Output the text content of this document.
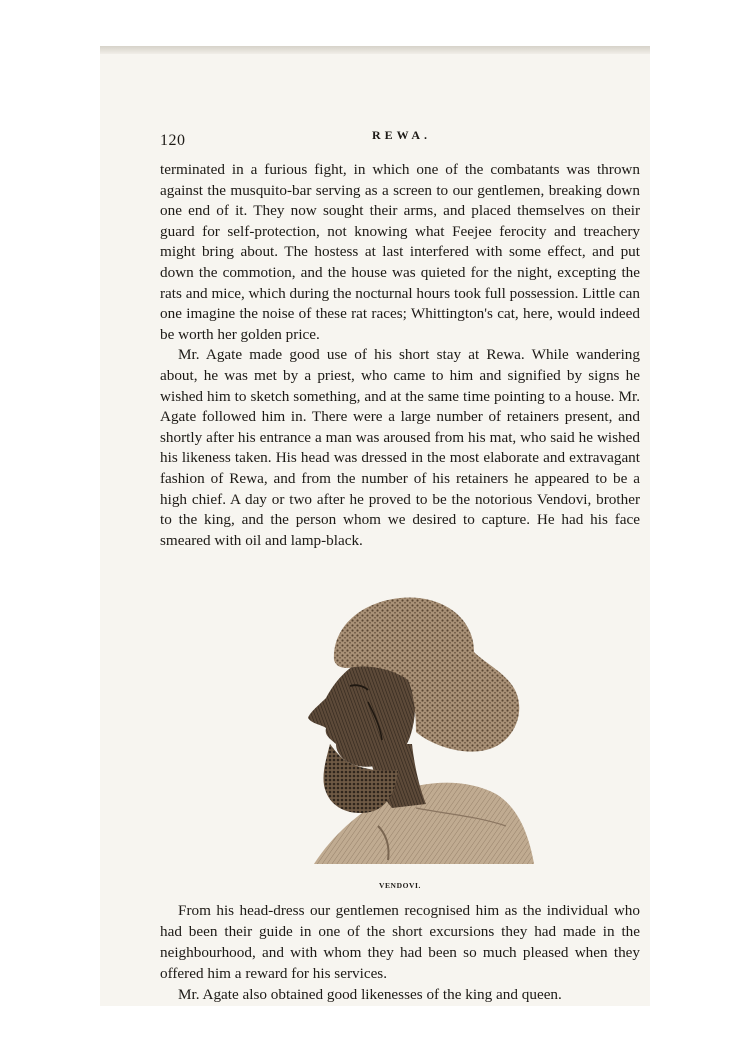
120	REWA.

terminated in a furious fight, in which one of the combatants was thrown against the musquito-bar serving as a screen to our gentlemen, breaking down one end of it. They now sought their arms, and placed themselves on their guard for self-protection, not knowing what Feejee ferocity and treachery might bring about. The hostess at last interfered with some effect, and put down the commotion, and the house was quieted for the night, excepting the rats and mice, which during the nocturnal hours took full possession. Little can one imagine the noise of these rat races; Whittington's cat, here, would indeed be worth her golden price.

Mr. Agate made good use of his short stay at Rewa. While wandering about, he was met by a priest, who came to him and signified by signs he wished him to sketch something, and at the same time pointing to a house. Mr. Agate followed him in. There were a large number of retainers present, and shortly after his entrance a man was aroused from his mat, who said he wished his likeness taken. His head was dressed in the most elaborate and extravagant fashion of Rewa, and from the number of his retainers he appeared to be a high chief. A day or two after he proved to be the notorious Vendovi, brother to the king, and the person whom we desired to capture. He had his face smeared with oil and lamp-black.

VENDOVI.

From his head-dress our gentlemen recognised him as the individual who had been their guide in one of the short excursions they had made in the neighbourhood, and with whom they had been so much pleased when they offered him a reward for his services.

Mr. Agate also obtained good likenesses of the king and queen.
